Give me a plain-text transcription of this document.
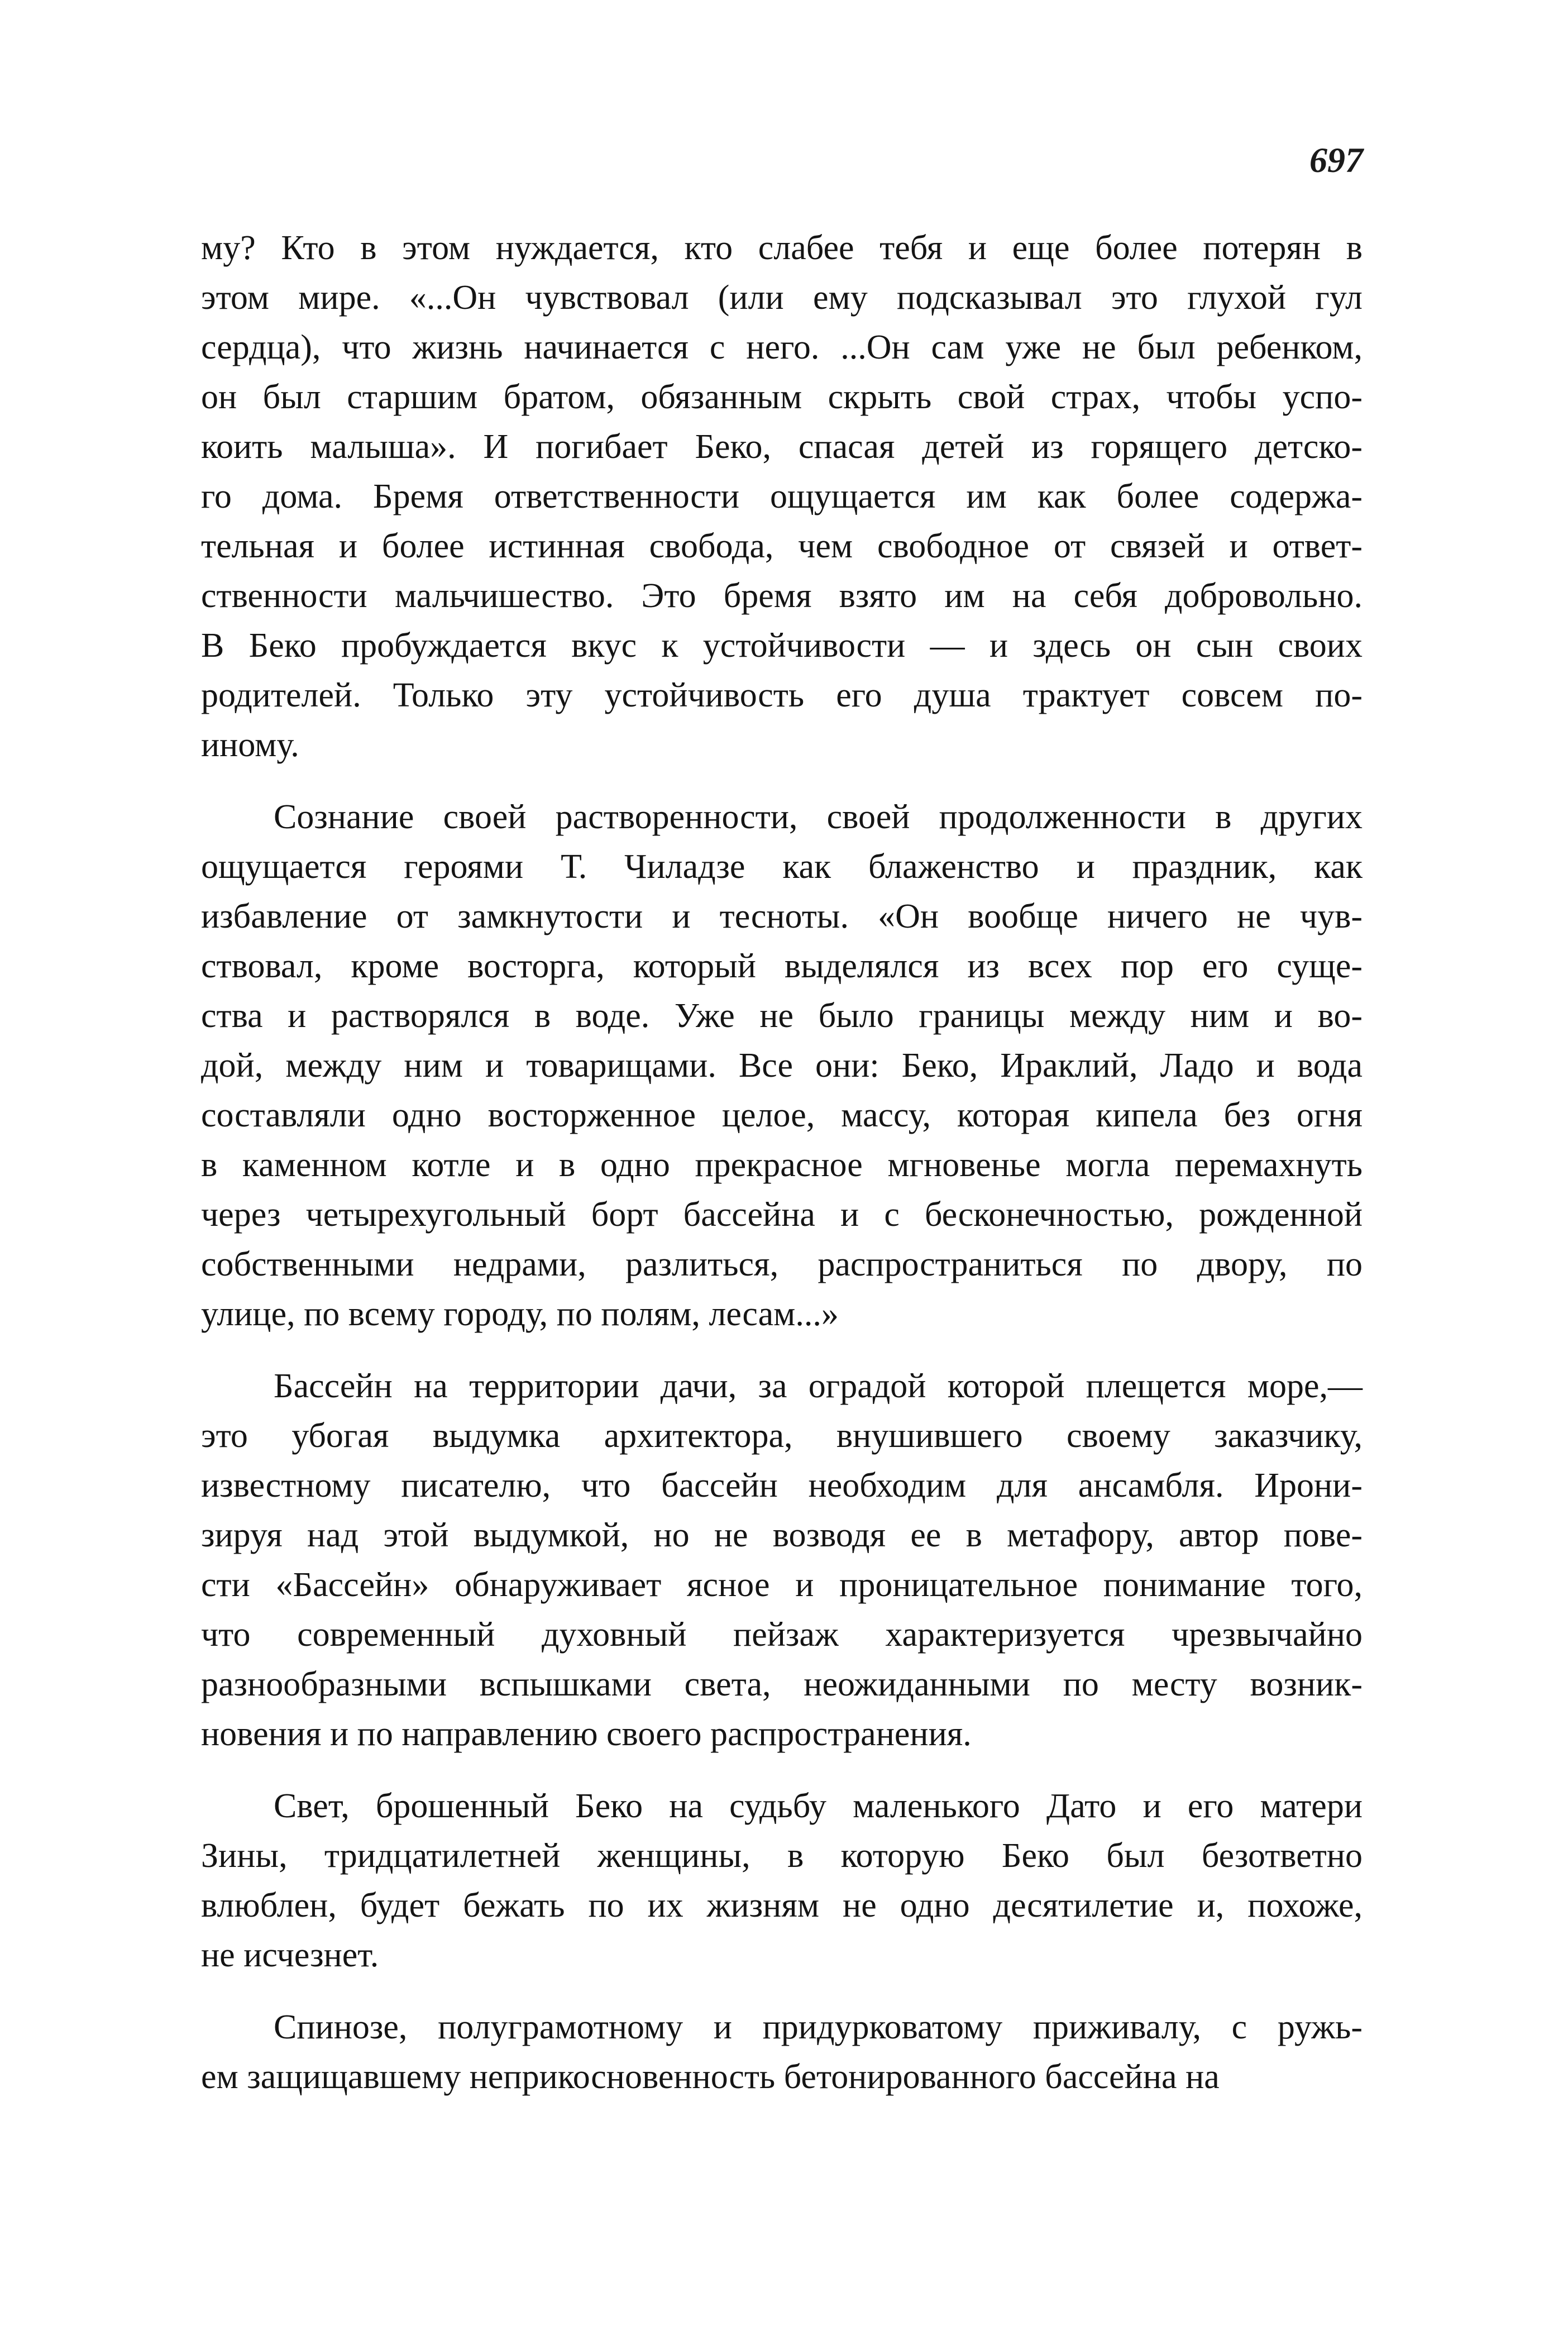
697
му? Кто в этом нуждается, кто слабее тебя и еще более потерян в
этом мире. «...Он чувствовал (или ему подсказывал это глухой гул
сердца), что жизнь начинается с него. ...Он сам уже не был ребенком,
он был старшим братом, обязанным скрыть свой страх, чтобы успо-
коить малыша». И погибает Беко, спасая детей из горящего детско-
го дома. Бремя ответственности ощущается им как более содержа-
тельная и более истинная свобода, чем свободное от связей и ответ-
ственности мальчишество. Это бремя взято им на себя добровольно.
В Беко пробуждается вкус к устойчивости — и здесь он сын своих
родителей. Только эту устойчивость его душа трактует совсем по-
иному.
Сознание своей растворенности, своей продолженности в других
ощущается героями Т. Чиладзе как блаженство и праздник, как
избавление от замкнутости и тесноты. «Он вообще ничего не чув-
ствовал, кроме восторга, который выделялся из всех пор его суще-
ства и растворялся в воде. Уже не было границы между ним и во-
дой, между ним и товарищами. Все они: Беко, Ираклий, Ладо и вода
составляли одно восторженное целое, массу, которая кипела без огня
в каменном котле и в одно прекрасное мгновенье могла перемахнуть
через четырехугольный борт бассейна и с бесконечностью, рожденной
собственными недрами, разлиться, распространиться по двору, по
улице, по всему городу, по полям, лесам...»
Бассейн на территории дачи, за оградой которой плещется море,—
это убогая выдумка архитектора, внушившего своему заказчику,
известному писателю, что бассейн необходим для ансамбля. Ирони-
зируя над этой выдумкой, но не возводя ее в метафору, автор пове-
сти «Бассейн» обнаруживает ясное и проницательное понимание того,
что современный духовный пейзаж характеризуется чрезвычайно
разнообразными вспышками света, неожиданными по месту возник-
новения и по направлению своего распространения.
Свет, брошенный Беко на судьбу маленького Дато и его матери
Зины, тридцатилетней женщины, в которую Беко был безответно
влюблен, будет бежать по их жизням не одно десятилетие и, похоже,
не исчезнет.
Спинозе, полуграмотному и придурковатому приживалу, с ружь-
ем защищавшему неприкосновенность бетонированного бассейна на
